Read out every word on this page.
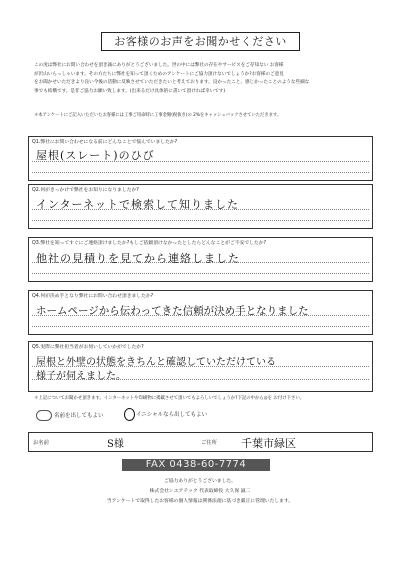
お客様のお声をお聞かせください
この度は弊社にお問い合わせを頂き誠にありがとうございました。世の中には弊社の存在やサービスをご存知ない お客様
が沢山いらっしゃいます。その方たちに弊社を知って頂くためのアンケートにご協力頂けないでしょうか?お客様のご意見
をお聞かせいただきより良い今後の活動に反映させていただきたいと考えております。良かったこと、感じかったことのような些細な
事でも結構です。是非ご協力お願い致します。(出来るだけ具体的に書いて頂ければ幸いです)
＊本アンケートにご記入いただいたお客様には工事ご用命時に工事金額(税抜き)の 2%をキャッシュバックさせていただきます。
Q1.弊社にお問い合わせになる前にどんなことで悩んでいましたか?
屋根(スレート)のひび
Q2.何がきっかけで弊社をお知りになりましたか?
インターネットで検索して知りました
Q3.弊社を知ってすぐにご連絡頂けましたか?もしご依頼頂けなかったとしたらどんなことがご不安でしたか?
他社の見積りを見てから連絡しました
Q4.何が決め手となり弊社にお問い合わせ頂きましたか?
ホームページから伝わってきた信頼が決め手となりました
Q5.実際に弊社担当者がお伺いしていかがでしたか?
屋根と外壁の状態をきちんと確認していただけている
様子が伺えました。
＊上記についてお聞かせ頂きます。インターネットや印刷物に掲載させて頂いてもよろしいでしょうか?下記の中から◎を お付け下さい。
名前を出してもよい	イニシャルなら出してもよい
お名前	S様	ご住所 千葉市緑区
FAX 0438-60-7774
ご協力ありがとうございました。
株式会社シエアテック 代表取締役 大久保 誠二
当アンケートで取得したお客様の個人情報は関係法規に基づき厳正に管理いたします。
